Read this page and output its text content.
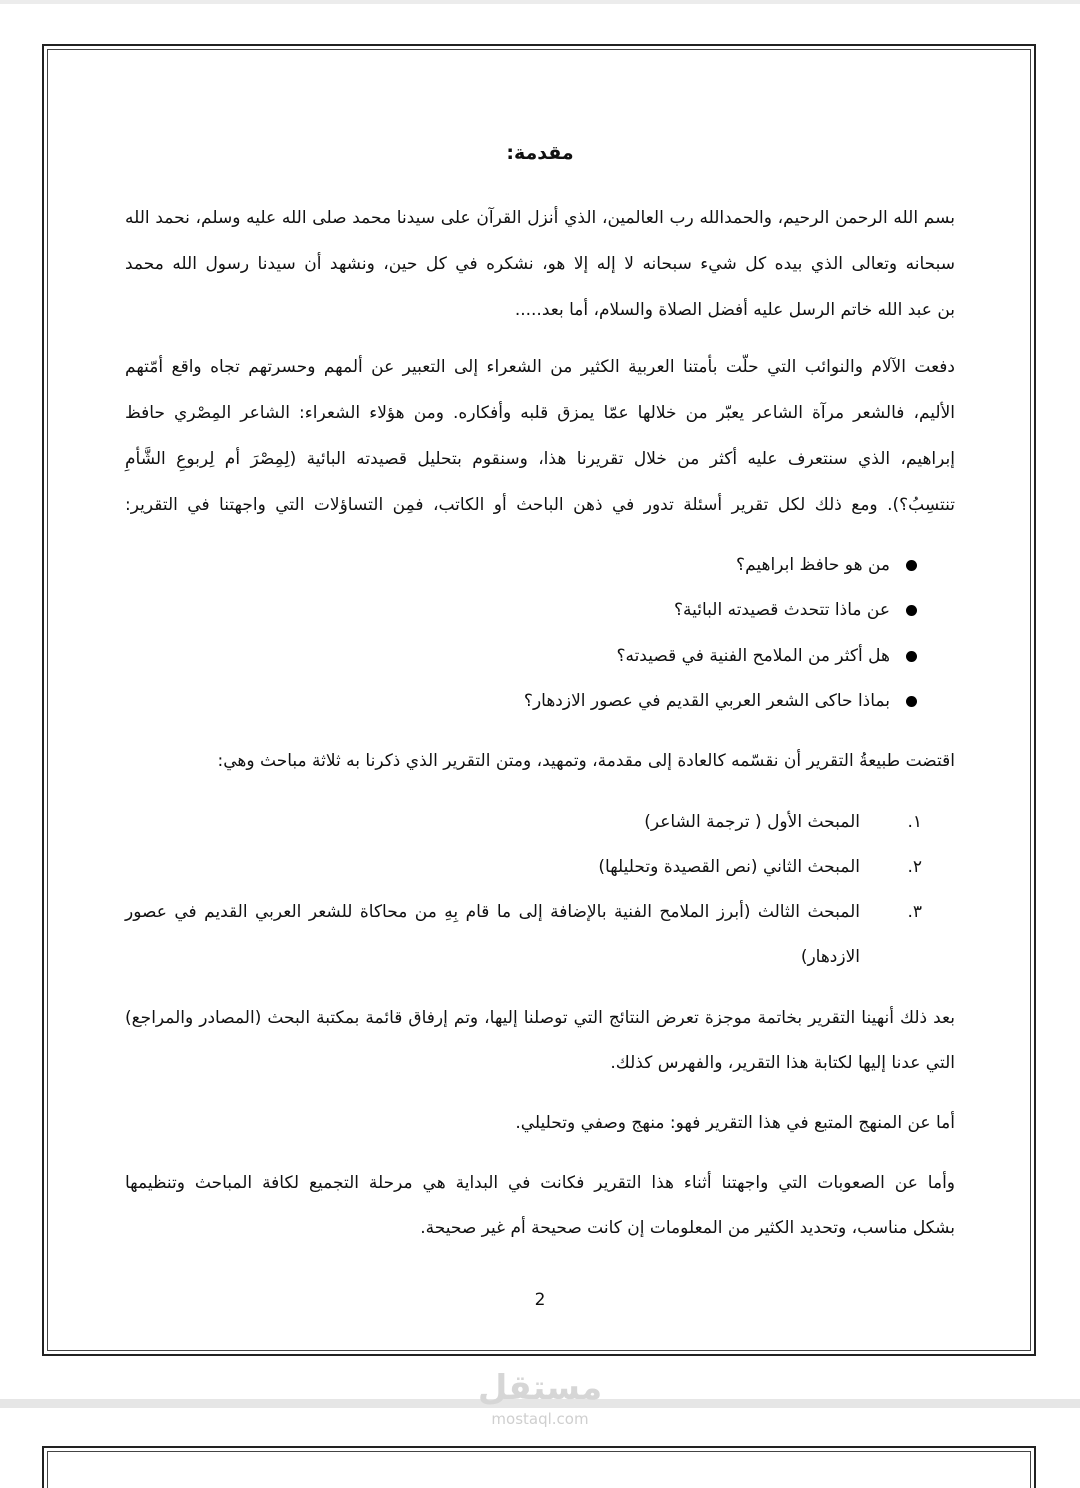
مقدمة:
بسم الله الرحمن الرحيم، والحمدالله رب العالمين، الذي أنزل القرآن على سيدنا محمد صلى الله عليه وسلم، نحمد الله
سبحانه وتعالى الذي بيده كل شيء سبحانه لا إله إلا هو، نشكره في كل حين، ونشهد أن سيدنا رسول الله محمد
بن عبد الله خاتم الرسل عليه أفضل الصلاة والسلام، أما بعد.....
دفعت الآلام والنوائب التي حلّت بأمتنا العربية الكثير من الشعراء إلى التعبير عن ألمهم وحسرتهم تجاه واقع أمّتهم
الأليم، فالشعر مرآة الشاعر يعبّر من خلالها عمّا يمزق قلبه وأفكاره. ومن هؤلاء الشعراء: الشاعر المِصْري حافظ
إبراهيم، الذي سنتعرف عليه أكثر من خلال تقريرنا هذا، وسنقوم بتحليل قصيدته البائية (لِمِصْرَ أم لِربوعِ الشَّأمِ
تنتسِبُ؟). ومع ذلك لكل تقرير أسئلة تدور في ذهن الباحث أو الكاتب، فمِن التساؤلات التي واجهتنا في التقرير:
من هو حافظ ابراهيم؟
عن ماذا تتحدث قصيدته البائية؟
هل أكثر من الملامح الفنية في قصيدته؟
بماذا حاكى الشعر العربي القديم في عصور الازدهار؟
اقتضت طبيعةُ التقرير أن نقسّمه كالعادة إلى مقدمة، وتمهيد، ومتن التقرير الذي ذكرنا به ثلاثة مباحث وهي:
١.
المبحث الأول ( ترجمة الشاعر)
٢.
المبحث الثاني (نص القصيدة وتحليلها)
٣.
المبحث الثالث (أبرز الملامح الفنية بالإضافة إلى ما قام بِهِ من محاكاة للشعر العربي القديم في عصور
الازدهار)
بعد ذلك أنهينا التقرير بخاتمة موجزة تعرض النتائج التي توصلنا إليها، وتم إرفاق قائمة بمكتبة البحث (المصادر والمراجع)
التي عدنا إليها لكتابة هذا التقرير، والفهرس كذلك.
أما عن المنهج المتبع في هذا التقرير فهو: منهج وصفي وتحليلي.
وأما عن الصعوبات التي واجهتنا أثناء هذا التقرير فكانت في البداية هي مرحلة التجميع لكافة المباحث وتنظيمها
بشكل مناسب، وتحديد الكثير من المعلومات إن كانت صحيحة أم غير صحيحة.
2
مستقل
mostaql.com
